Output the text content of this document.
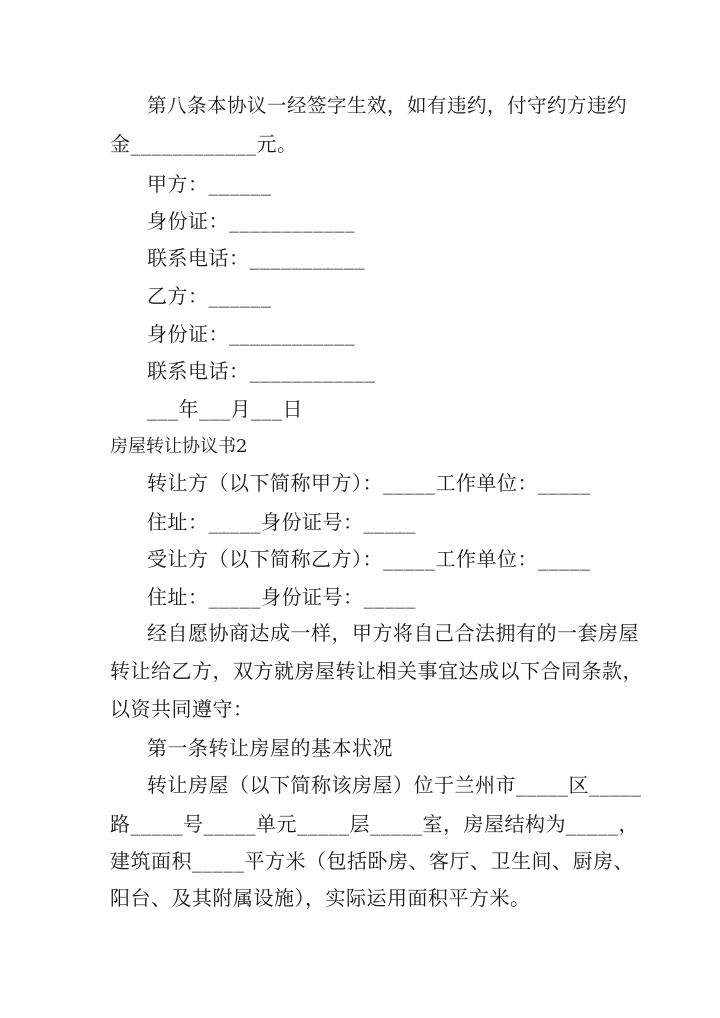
第八条本协议一经签字生效，如有违约，付守约方违约
金____________元。
甲方：______
身份证：____________
联系电话：___________
乙方：______
身份证：____________
联系电话：____________
___年___月___日
房屋转让协议书2
转让方（以下简称甲方）：_____工作单位：_____
住址：_____身份证号：_____
受让方（以下简称乙方）：_____工作单位：_____
住址：_____身份证号：_____
经自愿协商达成一样，甲方将自己合法拥有的一套房屋
转让给乙方，双方就房屋转让相关事宜达成以下合同条款，
以资共同遵守：
第一条转让房屋的基本状况
转让房屋（以下简称该房屋）位于兰州市_____区_____
路_____号_____单元_____层_____室，房屋结构为_____，
建筑面积_____平方米（包括卧房、客厅、卫生间、厨房、
阳台、及其附属设施），实际运用面积平方米。
